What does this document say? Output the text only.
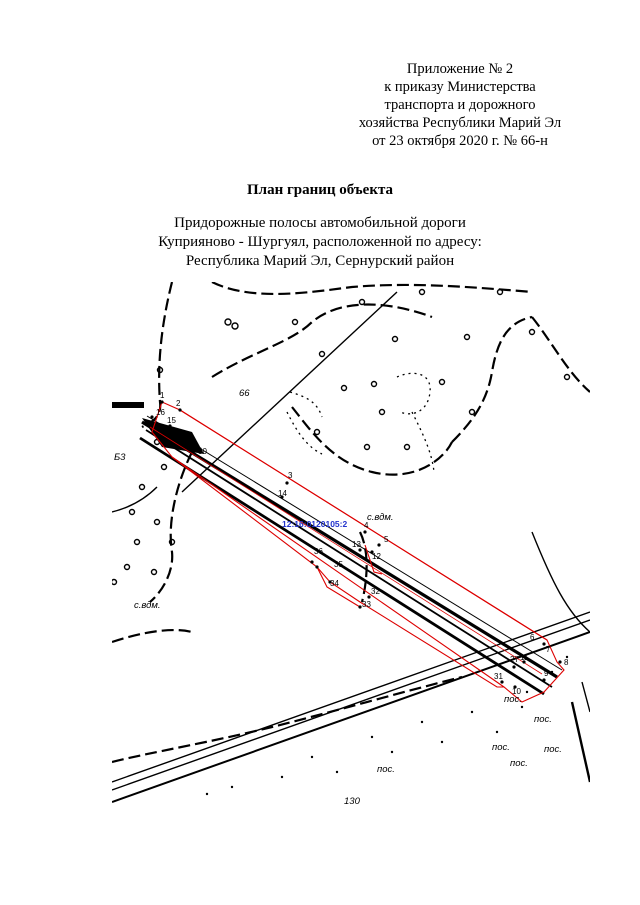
Приложение № 2
к приказу Министерства
транспорта и дорожного
хозяйства Республики Марий Эл
от 23 октября 2020 г. № 66-н
План границ объекта
Придорожные полосы автомобильной дороги
Куприяново - Шургуял, расположенной по адресу:
Республика Марий Эл, Сернурский район
12:16:0120105:2
Б3
66
с.вдм.
с.вдм.
пос.
пос.
пос.	пос.
пос.
пос.
130
1
2
3
4
5
6
7
8
9
10
11
12
13
14
15
16
27
30
31
32
33
34
35
36
